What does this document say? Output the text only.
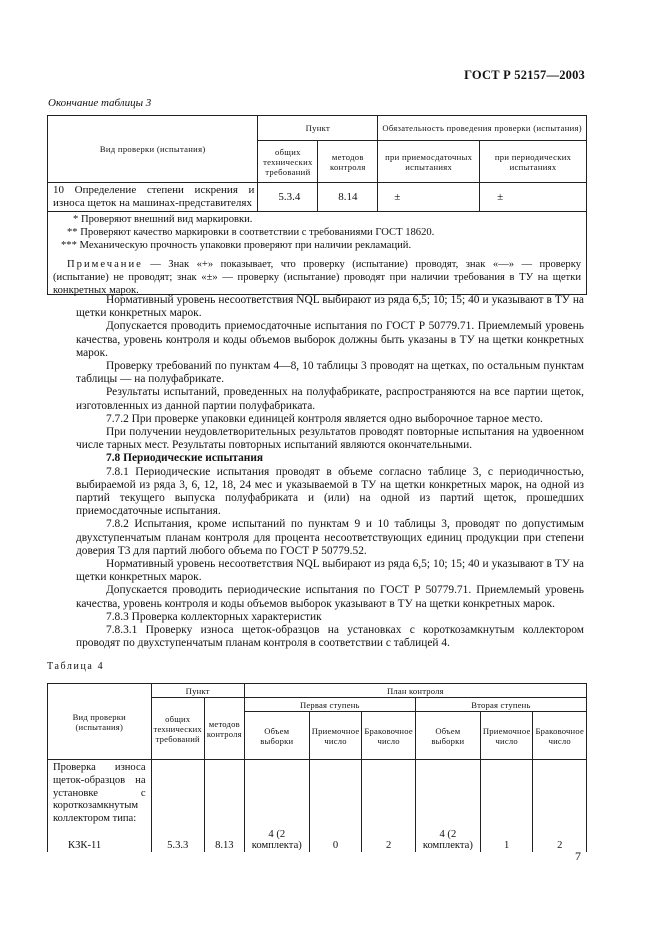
ГОСТ Р 52157—2003
Окончание таблицы 3
Вид проверки (испытания)	Пункт		Обязательность проведения проверки (испытания)	
	общих технических требований	методов контроля	при приемосдаточных испытаниях	при периодических испытаниях
10 Определение степени искрения и износа щеток на машинах-представителях	5.3.4	8.14	±	±
* Проверяют внешний вид маркировки.
** Проверяют качество маркировки в соответствии с требованиями ГОСТ 18620.
*** Механическую прочность упаковки проверяют при наличии рекламаций.
Примечание — Знак «+» показывает, что проверку (испытание) проводят, знак «—» — проверку (испытание) не проводят; знак «±» — проверку (испытание) проводят при наличии требования в ТУ на щетки конкретных марок.

Нормативный уровень несоответствия NQL выбирают из ряда 6,5; 10; 15; 40 и указывают в ТУ на щетки конкретных марок.

Допускается проводить приемосдаточные испытания по ГОСТ Р 50779.71. Приемлемый уровень качества, уровень контроля и коды объемов выборок должны быть указаны в ТУ на щетки конкретных марок.

Проверку требований по пунктам 4—8, 10 таблицы 3 проводят на щетках, по остальным пунктам таблицы — на полуфабрикате.

Результаты испытаний, проведенных на полуфабрикате, распространяются на все партии щеток, изготовленных из данной партии полуфабриката.

7.7.2 При проверке упаковки единицей контроля является одно выборочное тарное место.

При получении неудовлетворительных результатов проводят повторные испытания на удвоенном числе тарных мест. Результаты повторных испытаний являются окончательными.

7.8 Периодические испытания

7.8.1 Периодические испытания проводят в объеме согласно таблице 3, с периодичностью, выбираемой из ряда 3, 6, 12, 18, 24 мес и указываемой в ТУ на щетки конкретных марок, на одной из партий текущего выпуска полуфабриката и (или) на одной из партий щеток, прошедших приемосдаточные испытания.

7.8.2 Испытания, кроме испытаний по пунктам 9 и 10 таблицы 3, проводят по допустимым двухступенчатым планам контроля для процента несоответствующих единиц продукции при степени доверия Т3 для партий любого объема по ГОСТ Р 50779.52.

Нормативный уровень несоответствия NQL выбирают из ряда 6,5; 10; 15; 40 и указывают в ТУ на щетки конкретных марок.

Допускается проводить периодические испытания по ГОСТ Р 50779.71. Приемлемый уровень качества, уровень контроля и коды объемов выборок указывают в ТУ на щетки конкретных марок.

7.8.3 Проверка коллекторных характеристик

7.8.3.1 Проверку износа щеток-образцов на установках с короткозамкнутым коллектором проводят по двухступенчатым планам контроля в соответствии с таблицей 4.

Таблица 4
Вид проверки (испытания)	Пункт		План контроля					
	общих технических требований	методов контроля	Первая ступень			Вторая ступень		
			Объем выборки	Приемочное число	Браковочное число	Объем выборки	Приемочное число	Браковочное число
Проверка износа щеток-образцов на установке с короткозамкнутым коллектором типа:								
КЗК-11	5.3.3	8.13	4 (2 комплекта)	0	2	4 (2 комплекта)	1	2
7
